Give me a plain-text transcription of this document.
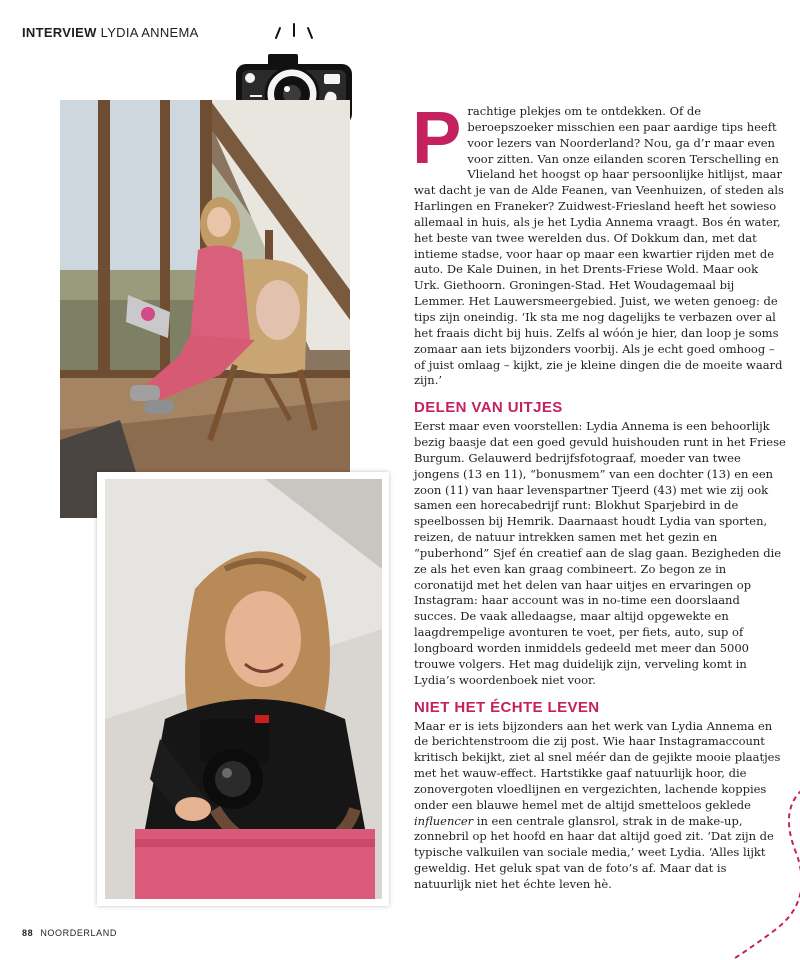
INTERVIEW LYDIA ANNEMA

Prachtige plekjes om te ontdekken. Of de beroepszoeker misschien een paar aardige tips heeft voor lezers van Noorderland? Nou, ga d’r maar even voor zitten. Van onze eilanden scoren Terschelling en Vlieland het hoogst op haar persoonlijke hitlijst, maar wat dacht je van de Alde Feanen, van Veenhuizen, of steden als Harlingen en Franeker? Zuidwest-Friesland heeft het sowieso allemaal in huis, als je het Lydia Annema vraagt. Bos én water, het beste van twee werelden dus. Of Dokkum dan, met dat intieme stadse, voor haar op maar een kwartier rijden met de auto. De Kale Duinen, in het Drents-Friese Wold. Maar ook Urk. Giethoorn. Groningen-Stad. Het Woudagemaal bij Lemmer. Het Lauwersmeergebied. Juist, we weten genoeg: de tips zijn oneindig. ‘Ik sta me nog dagelijks te verbazen over al het fraais dicht bij huis. Zelfs al wóón je hier, dan loop je soms zomaar aan iets bijzonders voorbij. Als je echt goed omhoog – of juist omlaag – kijkt, zie je kleine dingen die de moeite waard zijn.’

DELEN VAN UITJES

Eerst maar even voorstellen: Lydia Annema is een behoorlijk bezig baasje dat een goed gevuld huishouden runt in het Friese Burgum. Gelauwerd bedrijfsfotograaf, moeder van twee jongens (13 en 11), “bonusmem” van een dochter (13) en een zoon (11) van haar levenspartner Tjeerd (43) met wie zij ook samen een horecabedrijf runt: Blokhut Sparjebird in de speelbossen bij Hemrik. Daarnaast houdt Lydia van sporten, reizen, de natuur intrekken samen met het gezin en “puberhond” Sjef én creatief aan de slag gaan. Bezigheden die ze als het even kan graag combineert. Zo begon ze in coronatijd met het delen van haar uitjes en ervaringen op Instagram: haar account was in no-time een doorslaand succes. De vaak alledaagse, maar altijd opgewekte en laagdrempelige avonturen te voet, per fiets, auto, sup of longboard worden inmiddels gedeeld met meer dan 5000 trouwe volgers. Het mag duidelijk zijn, verveling komt in Lydia’s woordenboek niet voor.

NIET HET ÉCHTE LEVEN

Maar er is iets bijzonders aan het werk van Lydia Annema en de berichtenstroom die zij post. Wie haar Instagramaccount kritisch bekijkt, ziet al snel méér dan de gejikte mooie plaatjes met het wauw-effect. Hartstikke gaaf natuurlijk hoor, die zonovergoten vloedlijnen en vergezichten, lachende koppies onder een blauwe hemel met de altijd smetteloos geklede influencer in een centrale glansrol, strak in de make-up, zonnebril op het hoofd en haar dat altijd goed zit. ‘Dat zijn de typische valkuilen van sociale media,’ weet Lydia. ‘Alles lijkt geweldig. Het geluk spat van de foto’s af. Maar dat is natuurlijk niet het échte leven hè.

88 NOORDERLAND
